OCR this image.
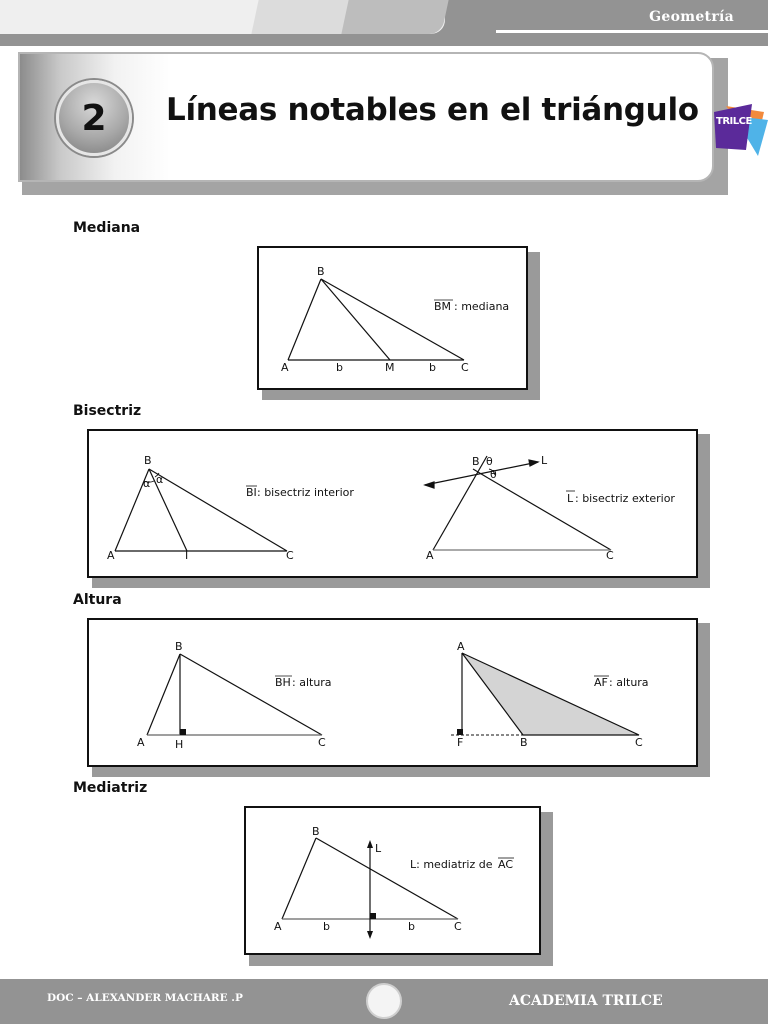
Geometría
2 Líneas notables en el triángulo TRILCE
Mediana
B
A	b	M	b C
BM : mediana
Bisectriz
B
α α
A	I	C
BI : bisectriz interior
B θ
θ
L
A	C
L : bisectriz exterior
Altura
B
A	H	C
BH : altura
A
F	B	C
AF : altura
Mediatriz
B
L
A	b	b	C
L: mediatriz de AC
DOC – ALEXANDER MACHARE .P	ACADEMIA TRILCE
